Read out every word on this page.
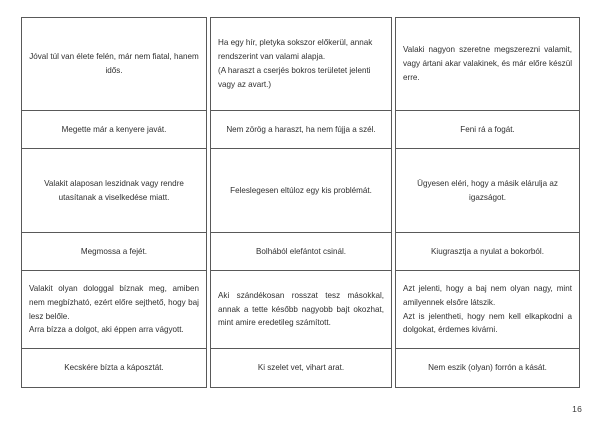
Jóval túl van élete felén, már nem fiatal, hanem idős.
Megette már a kenyere javát.
Valakit alaposan leszidnak vagy rendre utasítanak a viselkedése miatt.
Megmossa a fejét.
Valakit olyan dologgal bíznak meg, amiben nem megbízható, ezért előre sejthető, hogy baj lesz belőle.
Arra bízza a dolgot, aki éppen arra vágyott.
Kecskére bízta a káposztát.
Ha egy hír, pletyka sokszor előkerül, annak rendszerint van valami alapja.
(A haraszt a cserjés bokros területet jelenti vagy az avart.)
Nem zörög a haraszt, ha nem fújja a szél.
Feleslegesen eltúloz egy kis problémát.
Bolhából elefántot csinál.
Aki szándékosan rosszat tesz másokkal, annak a tette később nagyobb bajt okozhat, mint amire eredetileg számított.
Ki szelet vet, vihart arat.
Valaki nagyon szeretne megszerezni valamit, vagy ártani akar valakinek, és már előre készül erre.
Feni rá a fogát.
Ügyesen eléri, hogy a másik elárulja az igazságot.
Kiugrasztja a nyulat a bokorból.
Azt jelenti, hogy a baj nem olyan nagy, mint amilyennek elsőre látszik.
Azt is jelentheti, hogy nem kell elkapkodni a dolgokat, érdemes kivárni.
Nem eszik (olyan) forrón a kását.
16
